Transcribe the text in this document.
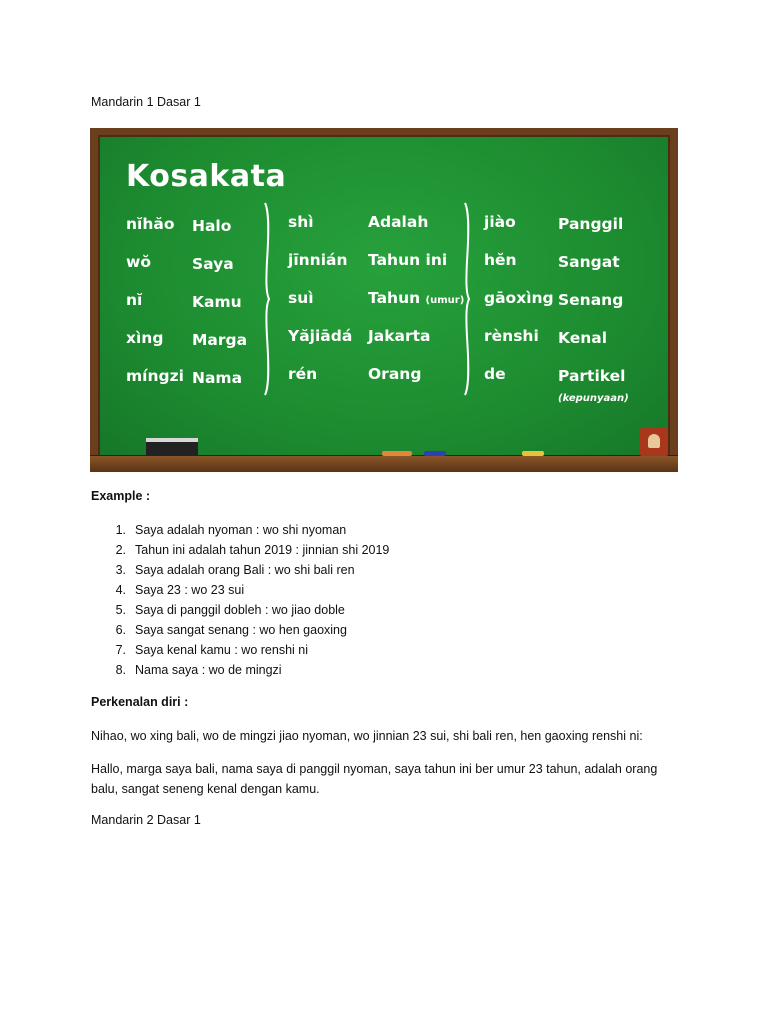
Mandarin 1 Dasar 1
Kosakata
nĭhăo Halo
wŏ	Saya
nĭ	Kamu
xìng Marga
míngzi Nama
shì	Adalah
jīnnián Tahun ini
suì	Tahun (umur)
Yăjiādá Jakarta
rén	Orang
jiào	Panggil
hĕn	Sangat
gāoxìng Senang
rènshi Kenal
de	Partikel
(kepunyaan)
Example :
1. Saya adalah nyoman : wo shi nyoman
2. Tahun ini adalah tahun 2019 : jinnian shi 2019
3. Saya adalah orang Bali : wo shi bali ren
4. Saya 23 : wo 23 sui
5. Saya di panggil dobleh : wo jiao doble
6. Saya sangat senang : wo hen gaoxing
7. Saya kenal kamu : wo renshi ni
8. Nama saya : wo de mingzi
Perkenalan diri :
Nihao, wo xing bali, wo de mingzi jiao nyoman, wo jinnian 23 sui, shi bali ren, hen gaoxing renshi ni:
Hallo, marga saya bali, nama saya di panggil nyoman, saya tahun ini ber umur 23 tahun, adalah orang balu, sangat seneng kenal dengan kamu.
Mandarin 2 Dasar 1
